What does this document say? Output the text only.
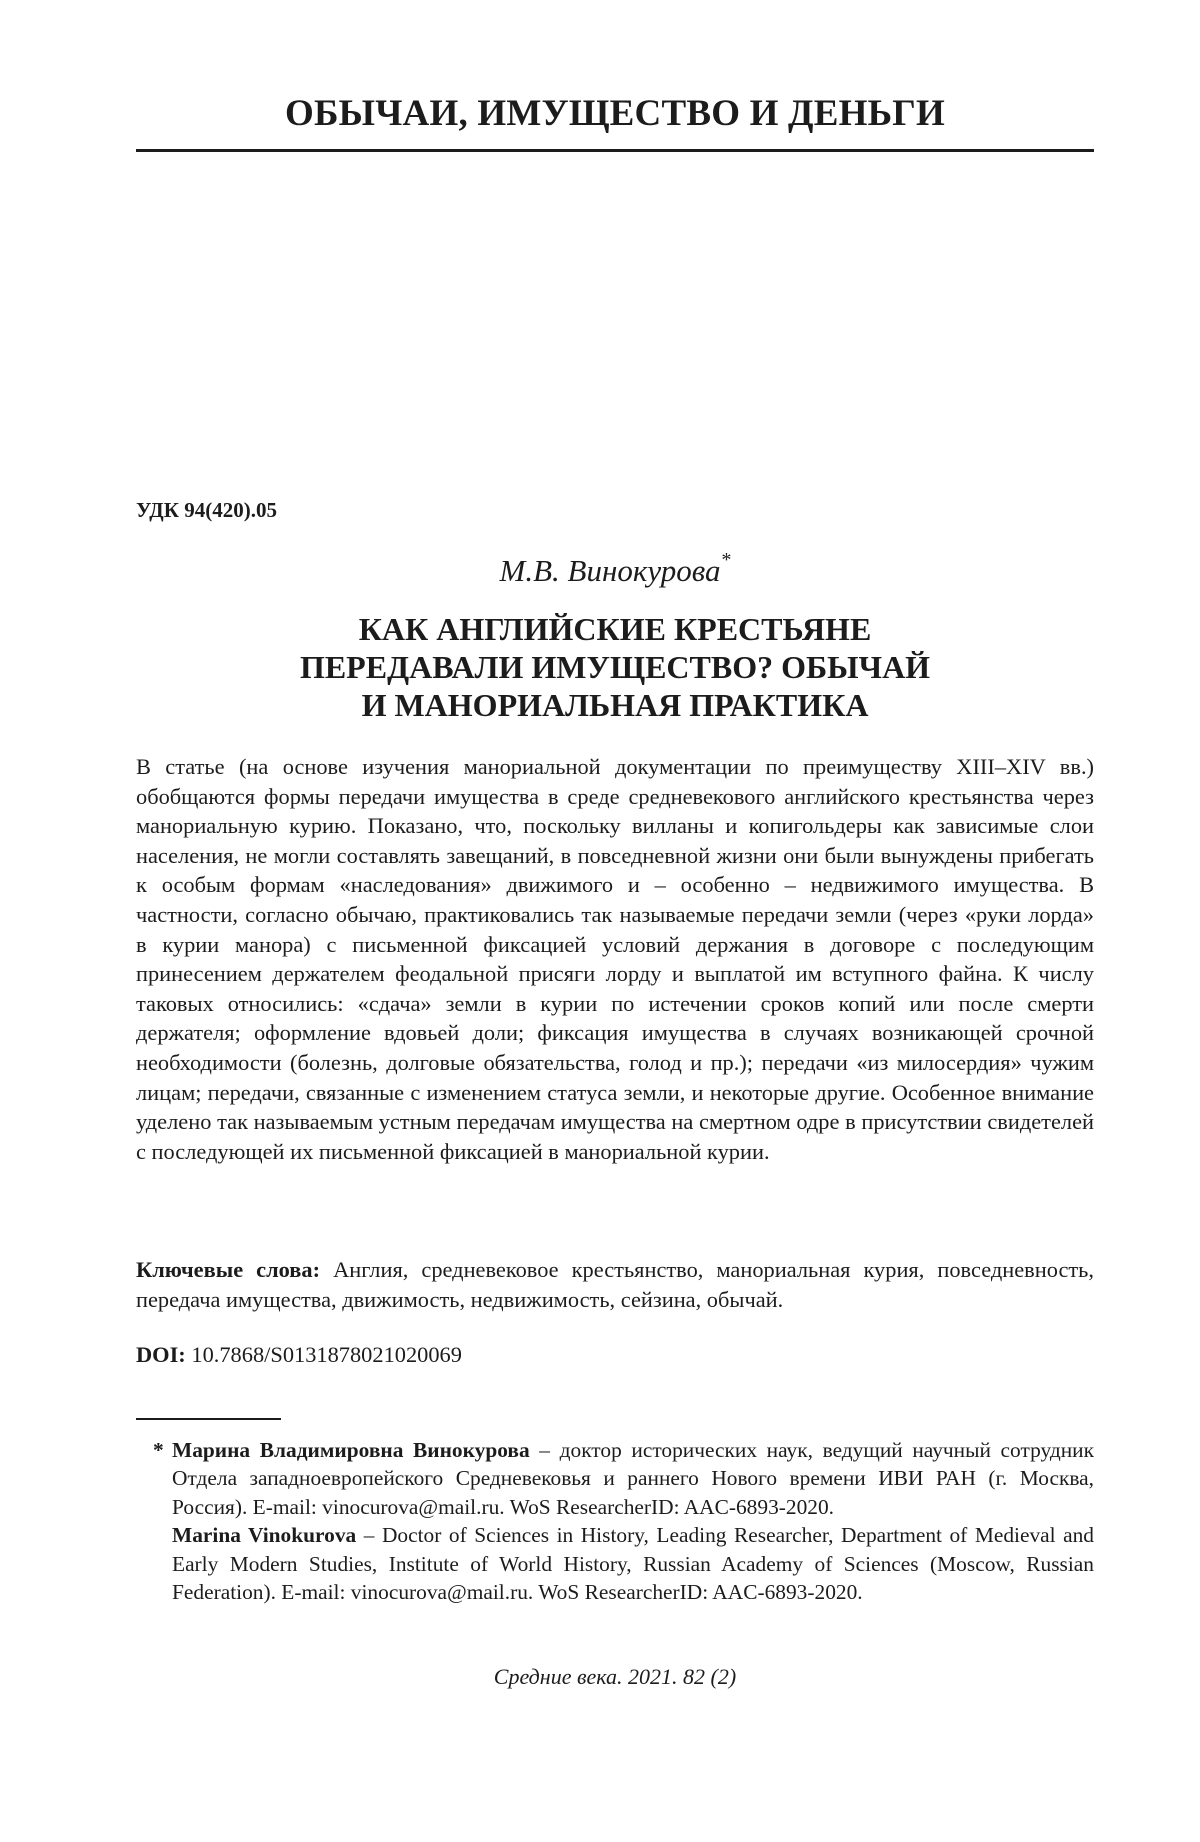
ОБЫЧАИ, ИМУЩЕСТВО И ДЕНЬГИ

УДК 94(420).05

М.В. Винокурова*

КАК АНГЛИЙСКИЕ КРЕСТЬЯНЕ
ПЕРЕДАВАЛИ ИМУЩЕСТВО? ОБЫЧАЙ
И МАНОРИАЛЬНАЯ ПРАКТИКА

В статье (на основе изучения манориальной документации по преимуществу XIII–XIV вв.) обобщаются формы передачи имущества в среде средневекового английского крестьянства через манориальную курию. Показано, что, поскольку вилланы и копигольдеры как зависимые слои населения, не могли составлять завещаний, в повседневной жизни они были вынуждены прибегать к особым формам «наследования» движимого и – особенно – недвижимого имущества. В частности, согласно обычаю, практиковались так называемые передачи земли (через «руки лорда» в курии манора) с письменной фиксацией условий держания в договоре с последующим принесением держателем феодальной присяги лорду и выплатой им вступного файна. К числу таковых относились: «сдача» земли в курии по истечении сроков копий или после смерти держателя; оформление вдовьей доли; фиксация имущества в случаях возникающей срочной необходимости (болезнь, долговые обязательства, голод и пр.); передачи «из милосердия» чужим лицам; передачи, связанные с изменением статуса земли, и некоторые другие. Особенное внимание уделено так называемым устным передачам имущества на смертном одре в присутствии свидетелей с последующей их письменной фиксацией в манориальной курии.

Ключевые слова: Англия, средневековое крестьянство, манориальная курия, повседневность, передача имущества, движимость, недвижимость, сейзина, обычай.

DOI: 10.7868/S0131878021020069

* Марина Владимировна Винокурова – доктор исторических наук, ведущий научный сотрудник Отдела западноевропейского Средневековья и раннего Нового времени ИВИ РАН (г. Москва, Россия). E-mail: vinocurova@mail.ru. WoS ResearcherID: AAC-6893-2020.

Marina Vinokurova – Doctor of Sciences in History, Leading Researcher, Department of Medieval and Early Modern Studies, Institute of World History, Russian Academy of Sciences (Moscow, Russian Federation). E-mail: vinocurova@mail.ru. WoS ResearcherID: AAC-6893-2020.

Средние века. 2021. 82 (2)
